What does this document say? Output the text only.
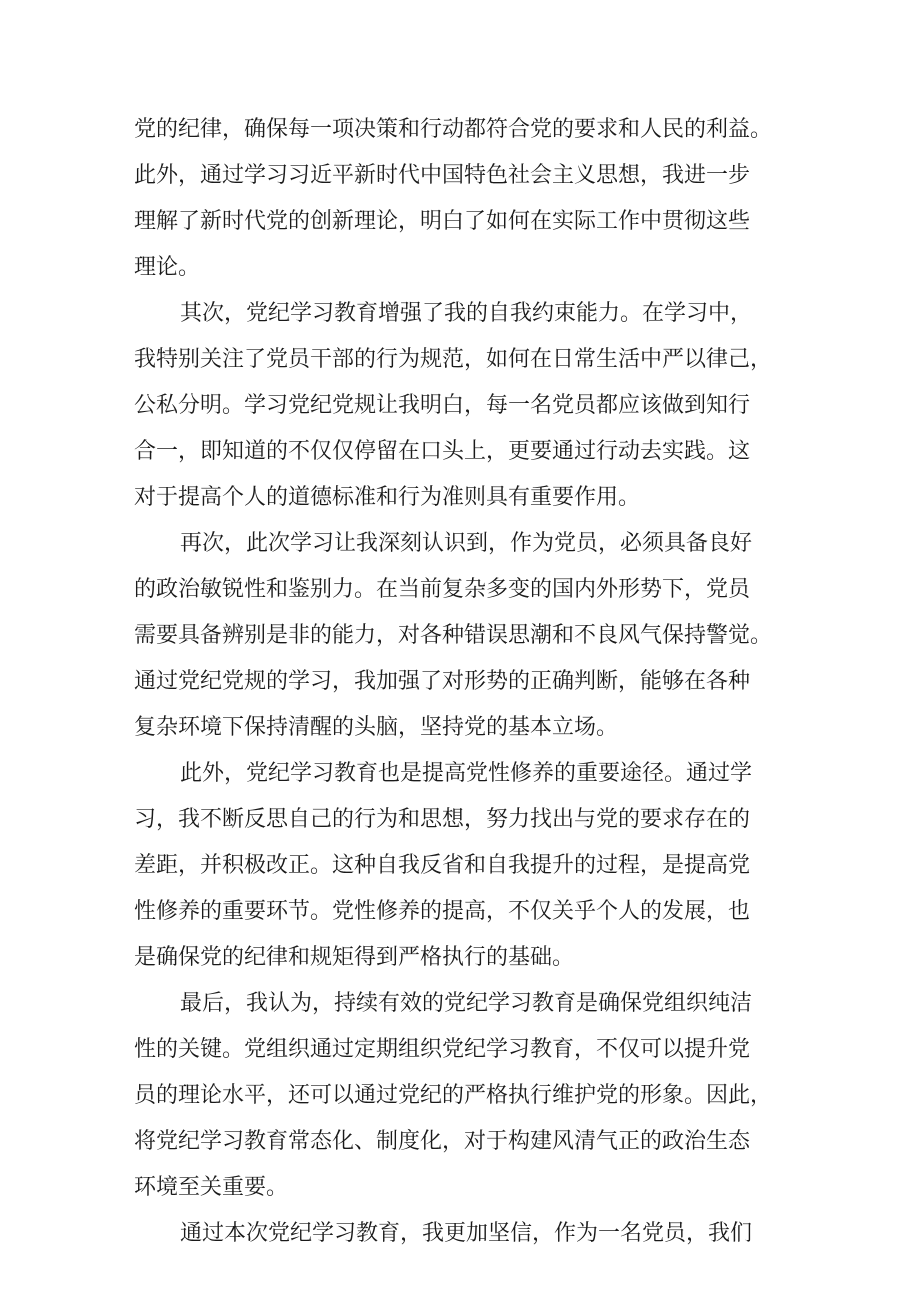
党的纪律，确保每一项决策和行动都符合党的要求和人民的利益。
此外，通过学习习近平新时代中国特色社会主义思想，我进一步
理解了新时代党的创新理论，明白了如何在实际工作中贯彻这些
理论。
其次，党纪学习教育增强了我的自我约束能力。在学习中，
我特别关注了党员干部的行为规范，如何在日常生活中严以律己，
公私分明。学习党纪党规让我明白，每一名党员都应该做到知行
合一，即知道的不仅仅停留在口头上，更要通过行动去实践。这
对于提高个人的道德标准和行为准则具有重要作用。
再次，此次学习让我深刻认识到，作为党员，必须具备良好
的政治敏锐性和鉴别力。在当前复杂多变的国内外形势下，党员
需要具备辨别是非的能力，对各种错误思潮和不良风气保持警觉。
通过党纪党规的学习，我加强了对形势的正确判断，能够在各种
复杂环境下保持清醒的头脑，坚持党的基本立场。
此外，党纪学习教育也是提高党性修养的重要途径。通过学
习，我不断反思自己的行为和思想，努力找出与党的要求存在的
差距，并积极改正。这种自我反省和自我提升的过程，是提高党
性修养的重要环节。党性修养的提高，不仅关乎个人的发展，也
是确保党的纪律和规矩得到严格执行的基础。
最后，我认为，持续有效的党纪学习教育是确保党组织纯洁
性的关键。党组织通过定期组织党纪学习教育，不仅可以提升党
员的理论水平，还可以通过党纪的严格执行维护党的形象。因此，
将党纪学习教育常态化、制度化，对于构建风清气正的政治生态
环境至关重要。
通过本次党纪学习教育，我更加坚信，作为一名党员，我们
